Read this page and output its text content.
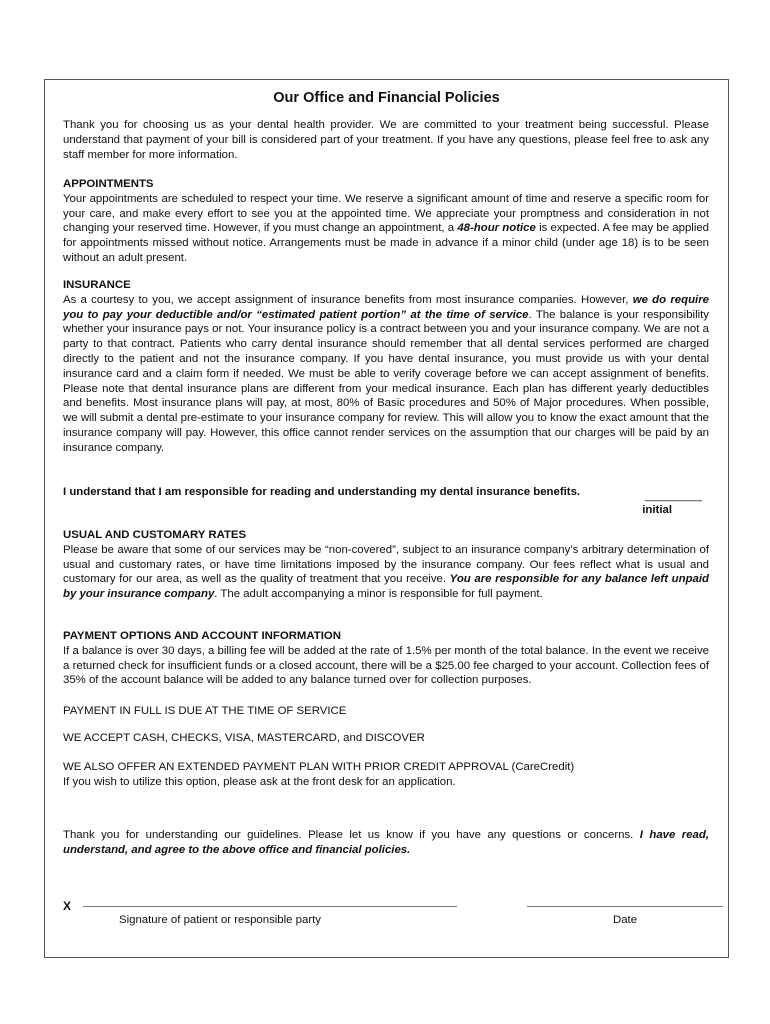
Our Office and Financial Policies

Thank you for choosing us as your dental health provider. We are committed to your treatment being successful. Please understand that payment of your bill is considered part of your treatment. If you have any questions, please feel free to ask any staff member for more information.

APPOINTMENTS
Your appointments are scheduled to respect your time. We reserve a significant amount of time and reserve a specific room for your care, and make every effort to see you at the appointed time. We appreciate your promptness and consideration in not changing your reserved time. However, if you must change an appointment, a 48-hour notice is expected. A fee may be applied for appointments missed without notice. Arrangements must be made in advance if a minor child (under age 18) is to be seen without an adult present.

INSURANCE
As a courtesy to you, we accept assignment of insurance benefits from most insurance companies. However, we do require you to pay your deductible and/or “estimated patient portion” at the time of service. The balance is your responsibility whether your insurance pays or not. Your insurance policy is a contract between you and your insurance company. We are not a party to that contract. Patients who carry dental insurance should remember that all dental services performed are charged directly to the patient and not the insurance company. If you have dental insurance, you must provide us with your dental insurance card and a claim form if needed. We must be able to verify coverage before we can accept assignment of benefits. Please note that dental insurance plans are different from your medical insurance. Each plan has different yearly deductibles and benefits. Most insurance plans will pay, at most, 80% of Basic procedures and 50% of Major procedures. When possible, we will submit a dental pre-estimate to your insurance company for review. This will allow you to know the exact amount that the insurance company will pay. However, this office cannot render services on the assumption that our charges will be paid by an insurance company.

I understand that I am responsible for reading and understanding my dental insurance benefits.	_________
initial

USUAL AND CUSTOMARY RATES
Please be aware that some of our services may be “non-covered”, subject to an insurance company’s arbitrary determination of usual and customary rates, or have time limitations imposed by the insurance company. Our fees reflect what is usual and customary for our area, as well as the quality of treatment that you receive. You are responsible for any balance left unpaid by your insurance company. The adult accompanying a minor is responsible for full payment.

PAYMENT OPTIONS AND ACCOUNT INFORMATION
If a balance is over 30 days, a billing fee will be added at the rate of 1.5% per month of the total balance. In the event we receive a returned check for insufficient funds or a closed account, there will be a $25.00 fee charged to your account. Collection fees of 35% of the account balance will be added to any balance turned over for collection purposes.

PAYMENT IN FULL IS DUE AT THE TIME OF SERVICE

WE ACCEPT CASH, CHECKS, VISA, MASTERCARD, and DISCOVER

WE ALSO OFFER AN EXTENDED PAYMENT PLAN WITH PRIOR CREDIT APPROVAL (CareCredit)
If you wish to utilize this option, please ask at the front desk for an application.

Thank you for understanding our guidelines. Please let us know if you have any questions or concerns. I have read, understand, and agree to the above office and financial policies.

X
Signature of patient or responsible party	Date
